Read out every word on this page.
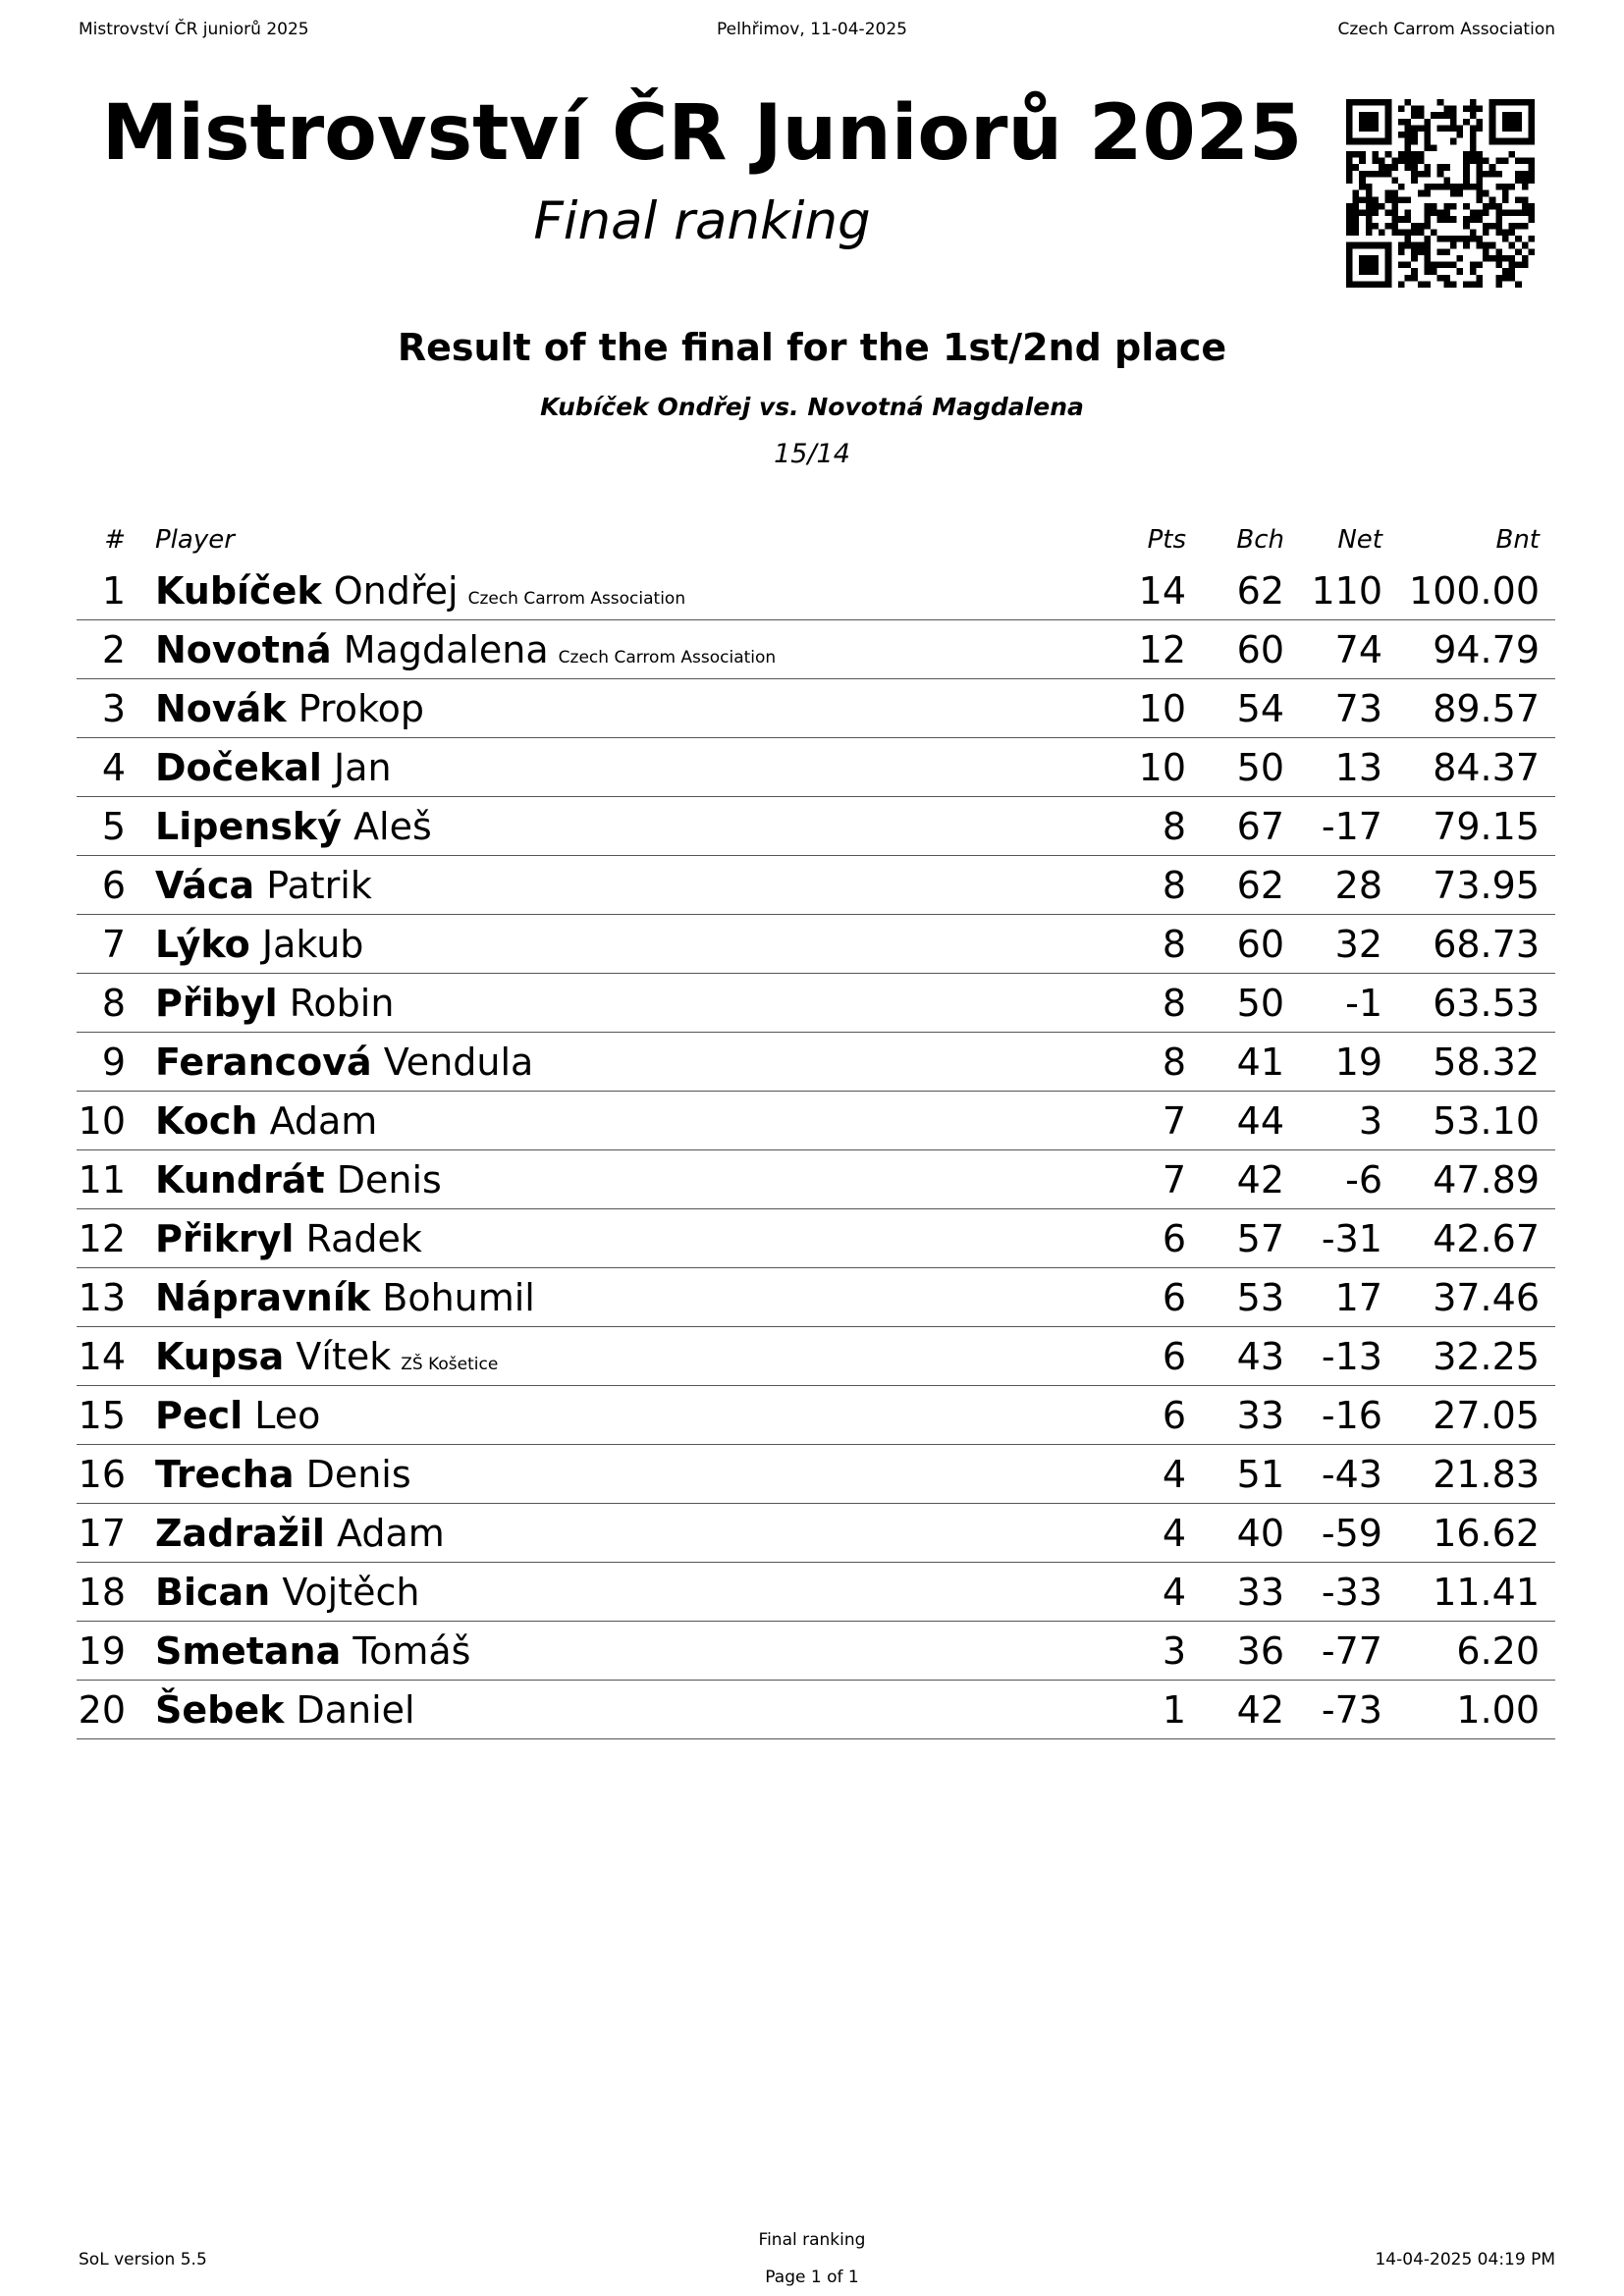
Mistrovství ČR juniorů 2025	Pelhřimov, 11-04-2025	Czech Carrom Association
Mistrovství ČR Juniorů 2025
Final ranking
Result of the final for the 1st/2nd place
Kubíček Ondřej vs. Novotná Magdalena
15/14
#	Player	Pts	Bch	Net	Bnt
1	Kubíček Ondřej Czech Carrom Association	14	62	110	100.00
2	Novotná Magdalena Czech Carrom Association	12	60	74	94.79
3	Novák Prokop	10	54	73	89.57
4	Dočekal Jan	10	50	13	84.37
5	Lipenský Aleš	8	67	-17	79.15
6	Váca Patrik	8	62	28	73.95
7	Lýko Jakub	8	60	32	68.73
8	Přibyl Robin	8	50	-1	63.53
9	Ferancová Vendula	8	41	19	58.32
10	Koch Adam	7	44	3	53.10
11	Kundrát Denis	7	42	-6	47.89
12	Přikryl Radek	6	57	-31	42.67
13	Nápravník Bohumil	6	53	17	37.46
14	Kupsa Vítek ZŠ Košetice	6	43	-13	32.25
15	Pecl Leo	6	33	-16	27.05
16	Trecha Denis	4	51	-43	21.83
17	Zadražil Adam	4	40	-59	16.62
18	Bican Vojtěch	4	33	-33	11.41
19	Smetana Tomáš	3	36	-77	6.20
20	Šebek Daniel	1	42	-73	1.00
SoL version 5.5
Final ranking
Page 1 of 1
14-04-2025 04:19 PM
